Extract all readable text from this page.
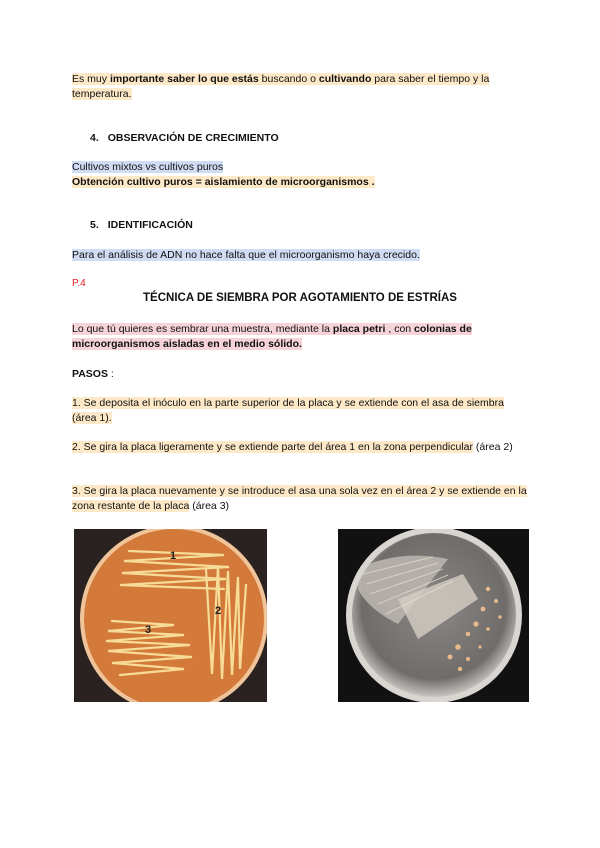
Es muy importante saber lo que estás buscando o cultivando para saber el tiempo y la temperatura.
4. OBSERVACIÓN DE CRECIMIENTO
Cultivos mixtos vs cultivos puros
Obtención cultivo puros = aislamiento de microorganismos .
5. IDENTIFICACIÓN
Para el análisis de ADN no hace falta que el microorganismo haya crecido.
P.4
TÉCNICA DE SIEMBRA POR AGOTAMIENTO DE ESTRÍAS
Lo que tú quieres es sembrar una muestra, mediante la placa petri , con colonias de microorganismos aisladas en el medio sólido.
PASOS :
1. Se deposita el inóculo en la parte superior de la placa y se extiende con el asa de siembra (área 1).
2. Se gira la placa ligeramente y se extiende parte del área 1 en la zona perpendicular (área 2)
3. Se gira la placa nuevamente y se introduce el asa una sola vez en el área 2 y se extiende en la zona restante de la placa (área 3)
1
2
3
